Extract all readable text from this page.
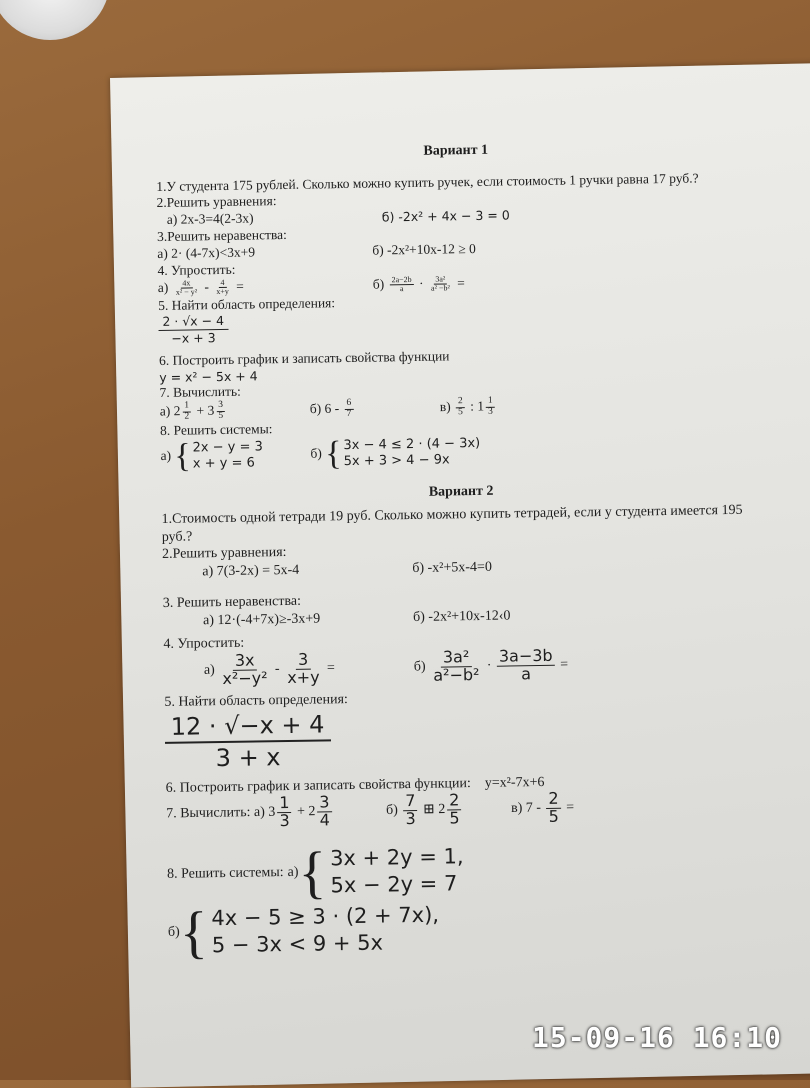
Вариант 1

1.У студента 175 рублей. Сколько можно купить ручек, если стоимость 1 ручки равна 17 руб.?

2.Решить уравнения:

а) 2x-3=4(2-3x)	б) -2x² + 4x − 3 = 0

3.Решить неравенства:

а) 2· (4-7x)<3x+9	б) -2x²+10x-12 ≥ 0

4. Упростить:

$а) \frac{4x}{\text{x² − y²}} - \frac{4}{x+y}$ =	$б) \frac{2a-2b}{a} \cdot \frac{\text{3a²}}{\text{a² −b²}}$ =

5. Найти область определения:

$\frac{2 \cdot √x - 4}{-x + 3}$

6. Построить график и записать свойства функции

y = x² − 5x + 4

7. Вычислить:

а) $2 \frac{1}{2} + 3 \frac{3}{5}$	б) $6 - \frac{6}{7}$	$в) \frac{2}{5}$ : $1 \frac{1}{3}$

8. Решить системы:

а) { 2x − y = 3
x + y = 6
б) { 3x − 4 ≤ 2 · (4 − 3x)
5x + 3 > 4 − 9x
Вариант 2

1.Стоимость одной тетради 19 руб. Сколько можно купить тетрадей, если у студента имеется 195 руб.?

2.Решить уравнения:

а) 7(3-2x) = 5x-4	б) -x²+5x-4=0

3. Решить неравенства:

а) 12·(-4+7x)≥-3x+9	б) -2x²+10x-12‹0

4. Упростить:

$а) \frac{3x}{\text{x²−y²}} - \frac{3}{x+y}$ =	$б) \frac{\text{3a²}}{\text{a²−b²}} \cdot \frac{3a-3b}{a}$ =

5. Найти область определения:

$\frac{12 \cdot √-x + 4}{3 + x}$
6. Построить график и записать свойства функции: y=x²-7x+6
7. Вычислить: а) $3 \frac{1}{3} + 2 \frac{3}{4}$	$б) \frac{7}{3}$ ⊞ $2 \frac{2}{5}$	в) $7 - \frac{2}{5}$ =
8. Решить системы: а) { 3x + 2y = 1,
5x − 2y = 7
б) { 4x − 5 ≥ 3 · (2 + 7x),
5 − 3x < 9 + 5x
15-09-16 16:10
